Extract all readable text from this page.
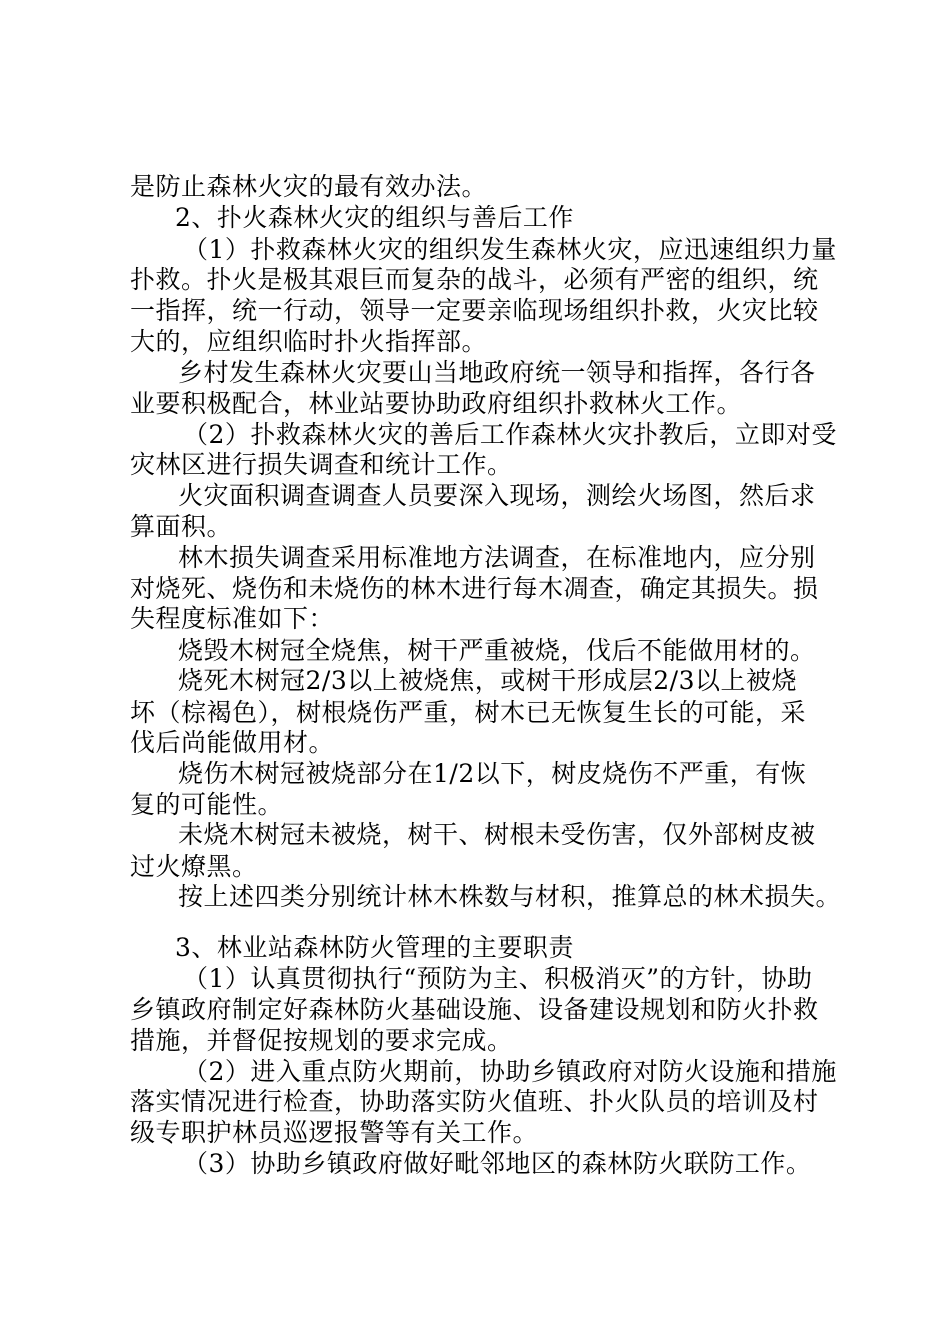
是防止森林火灾的最有效办法。
2、扑火森林火灾的组织与善后工作
（1）扑救森林火灾的组织发生森林火灾，应迅速组织力量
扑救。扑火是极其艰巨而复杂的战斗，必须有严密的组织，统
一指挥，统一行动，领导一定要亲临现场组织扑救，火灾比较
大的，应组织临时扑火指挥部。
乡村发生森林火灾要山当地政府统一领导和指挥，各行各
业要积极配合，林业站要协助政府组织扑救林火工作。
（2）扑救森林火灾的善后工作森林火灾扑教后，立即对受
灾林区进行损失调查和统计工作。
火灾面积调查调查人员要深入现场，测绘火场图，然后求
算面积。
林木损失调查采用标准地方法调查，在标准地内，应分别
对烧死、烧伤和未烧伤的林木进行每木凋查，确定其损失。损
失程度标准如下：
烧毁木树冠全烧焦，树干严重被烧，伐后不能做用材的。
烧死木树冠2/3以上被烧焦，或树干形成层2/3以上被烧
坏（棕褐色），树根烧伤严重，树木已无恢复生长的可能，采
伐后尚能做用材。
烧伤木树冠被烧部分在1/2以下，树皮烧伤不严重，有恢
复的可能性。
未烧木树冠未被烧，树干、树根未受伤害，仅外部树皮被
过火燎黑。
按上述四类分别统计林木株数与材积，推算总的林术损失。
3、林业站森林防火管理的主要职责
（1）认真贯彻执行“预防为主、积极消灭”的方针，协助
乡镇政府制定好森林防火基础设施、设备建设规划和防火扑救
措施，并督促按规划的要求完成。
（2）进入重点防火期前，协助乡镇政府对防火设施和措施
落实情况进行检查，协助落实防火值班、扑火队员的培训及村
级专职护林员巡逻报警等有关工作。
（3）协助乡镇政府做好毗邻地区的森林防火联防工作。
